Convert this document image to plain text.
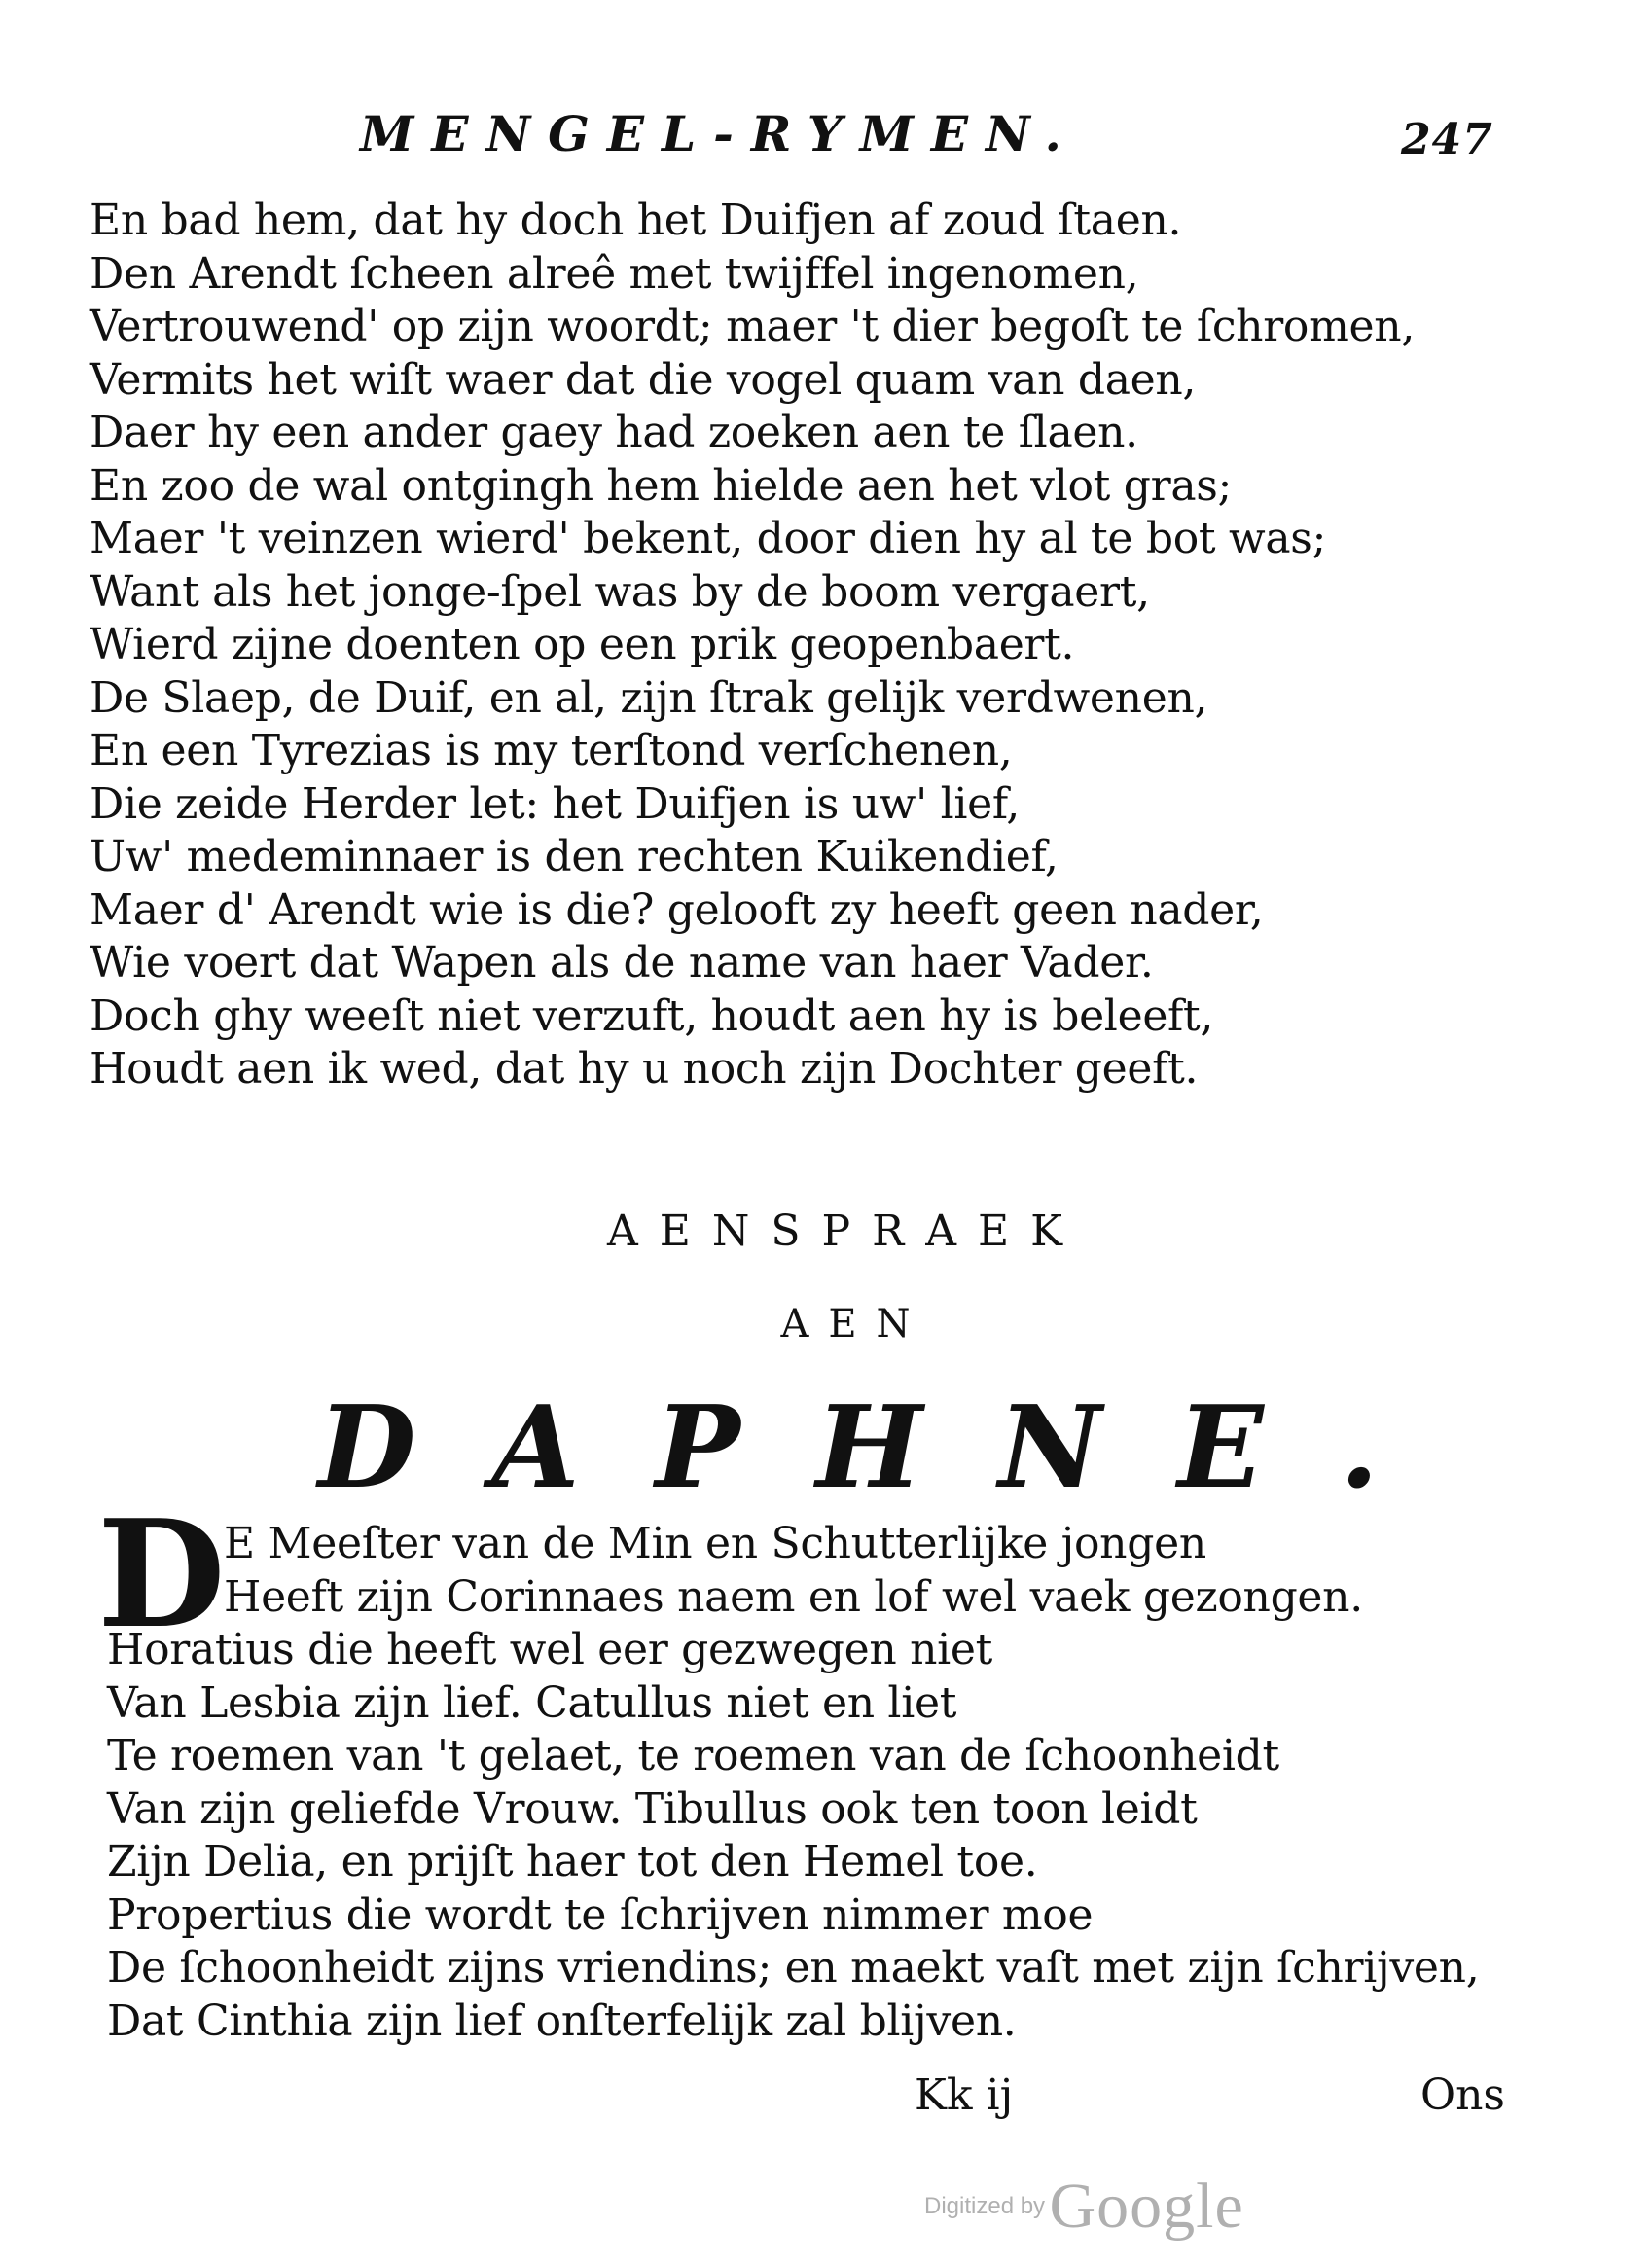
MENGEL-RYMEN.	247
En bad hem, dat hy doch het Duifjen af zoud ſtaen.
Den Arendt ſcheen alreê met twijffel ingenomen,
Vertrouwend' op zijn woordt; maer 't dier begoſt te ſchromen,
Vermits het wiſt waer dat die vogel quam van daen,
Daer hy een ander gaey had zoeken aen te ſlaen.
En zoo de wal ontgingh hem hielde aen het vlot gras;
Maer 't veinzen wierd' bekent, door dien hy al te bot was;
Want als het jonge-ſpel was by de boom vergaert,
Wierd zijne doenten op een prik geopenbaert.
De Slaep, de Duif, en al, zijn ſtrak gelijk verdwenen,
En een Tyrezias is my terſtond verſchenen,
Die zeide Herder let: het Duifjen is uw' lief,
Uw' medeminnaer is den rechten Kuikendief,
Maer d' Arendt wie is die? gelooft zy heeft geen nader,
Wie voert dat Wapen als de name van haer Vader.
Doch ghy weeſt niet verzuft, houdt aen hy is beleeft,
Houdt aen ik wed, dat hy u noch zijn Dochter geeft.
AENSPRAEK
AEN
DAPHNE.
D
E Meeſter van de Min en Schutterlijke jongen
Heeft zijn Corinnaes naem en lof wel vaek gezongen.
Horatius die heeft wel eer gezwegen niet
Van Lesbia zijn lief. Catullus niet en liet
Te roemen van 't gelaet, te roemen van de ſchoonheidt
Van zijn geliefde Vrouw. Tibullus ook ten toon leidt
Zijn Delia, en prijſt haer tot den Hemel toe.
Propertius die wordt te ſchrijven nimmer moe
De ſchoonheidt zijns vriendins; en maekt vaſt met zijn ſchrijven,
Dat Cinthia zijn lief onſterfelijk zal blijven.
Kk ij	Ons
Digitized by Google
